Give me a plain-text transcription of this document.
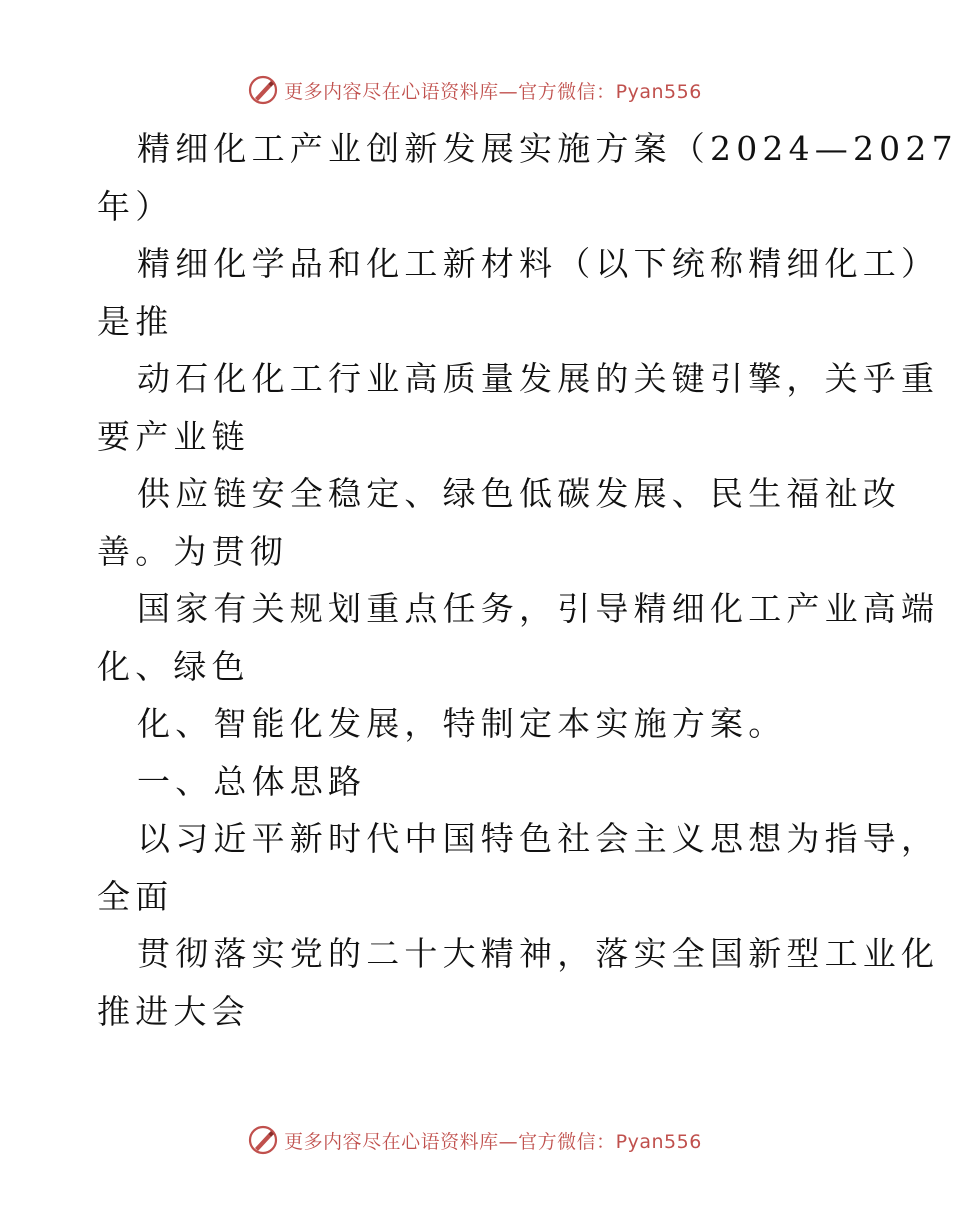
更多内容尽在心语资料库—官方微信：Pyan556
精细化工产业创新发展实施方案（2024—2027
年）
精细化学品和化工新材料（以下统称精细化工）
是推
动石化化工行业高质量发展的关键引擎，关乎重
要产业链
供应链安全稳定、绿色低碳发展、民生福祉改
善。为贯彻
国家有关规划重点任务，引导精细化工产业高端
化、绿色
化、智能化发展，特制定本实施方案。
一、总体思路
以习近平新时代中国特色社会主义思想为指导，
全面
贯彻落实党的二十大精神，落实全国新型工业化
推进大会
更多内容尽在心语资料库—官方微信：Pyan556
